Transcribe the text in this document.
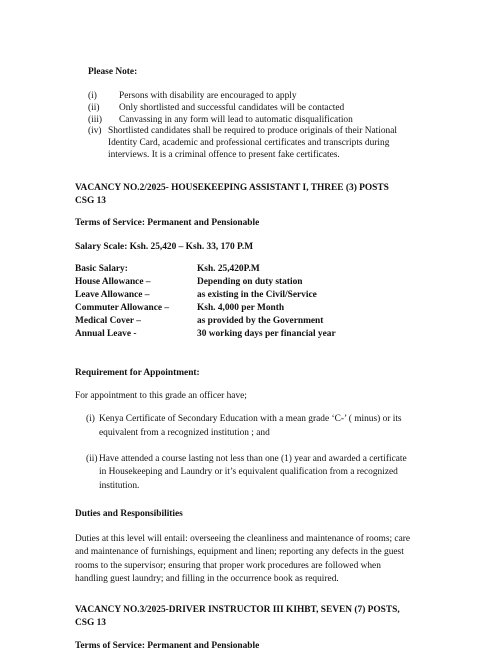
Please Note:
(i) Persons with disability are encouraged to apply
(ii) Only shortlisted and successful candidates will be contacted
(iii) Canvassing in any form will lead to automatic disqualification
(iv) Shortlisted candidates shall be required to produce originals of their National
Identity Card, academic and professional certificates and transcripts during
interviews. It is a criminal offence to present fake certificates.
VACANCY NO.2/2025- HOUSEKEEPING ASSISTANT I, THREE (3) POSTS
CSG 13
Terms of Service: Permanent and Pensionable
Salary Scale: Ksh. 25,420 – Ksh. 33, 170 P.M
Basic Salary:	Ksh. 25,420P.M
House Allowance –	Depending on duty station
Leave Allowance –	as existing in the Civil/Service
Commuter Allowance –	Ksh. 4,000 per Month
Medical Cover –	as provided by the Government
Annual Leave -	30 working days per financial year
Requirement for Appointment:
For appointment to this grade an officer have;
(i) Kenya Certificate of Secondary Education with a mean grade ‘C-’ ( minus) or its
equivalent from a recognized institution ; and
(ii) Have attended a course lasting not less than one (1) year and awarded a certificate
in Housekeeping and Laundry or it’s equivalent qualification from a recognized
institution.
Duties and Responsibilities
Duties at this level will entail: overseeing the cleanliness and maintenance of rooms; care
and maintenance of furnishings, equipment and linen; reporting any defects in the guest
rooms to the supervisor; ensuring that proper work procedures are followed when
handling guest laundry; and filling in the occurrence book as required.
VACANCY NO.3/2025-DRIVER INSTRUCTOR III KIHBT, SEVEN (7) POSTS,
CSG 13
Terms of Service: Permanent and Pensionable
